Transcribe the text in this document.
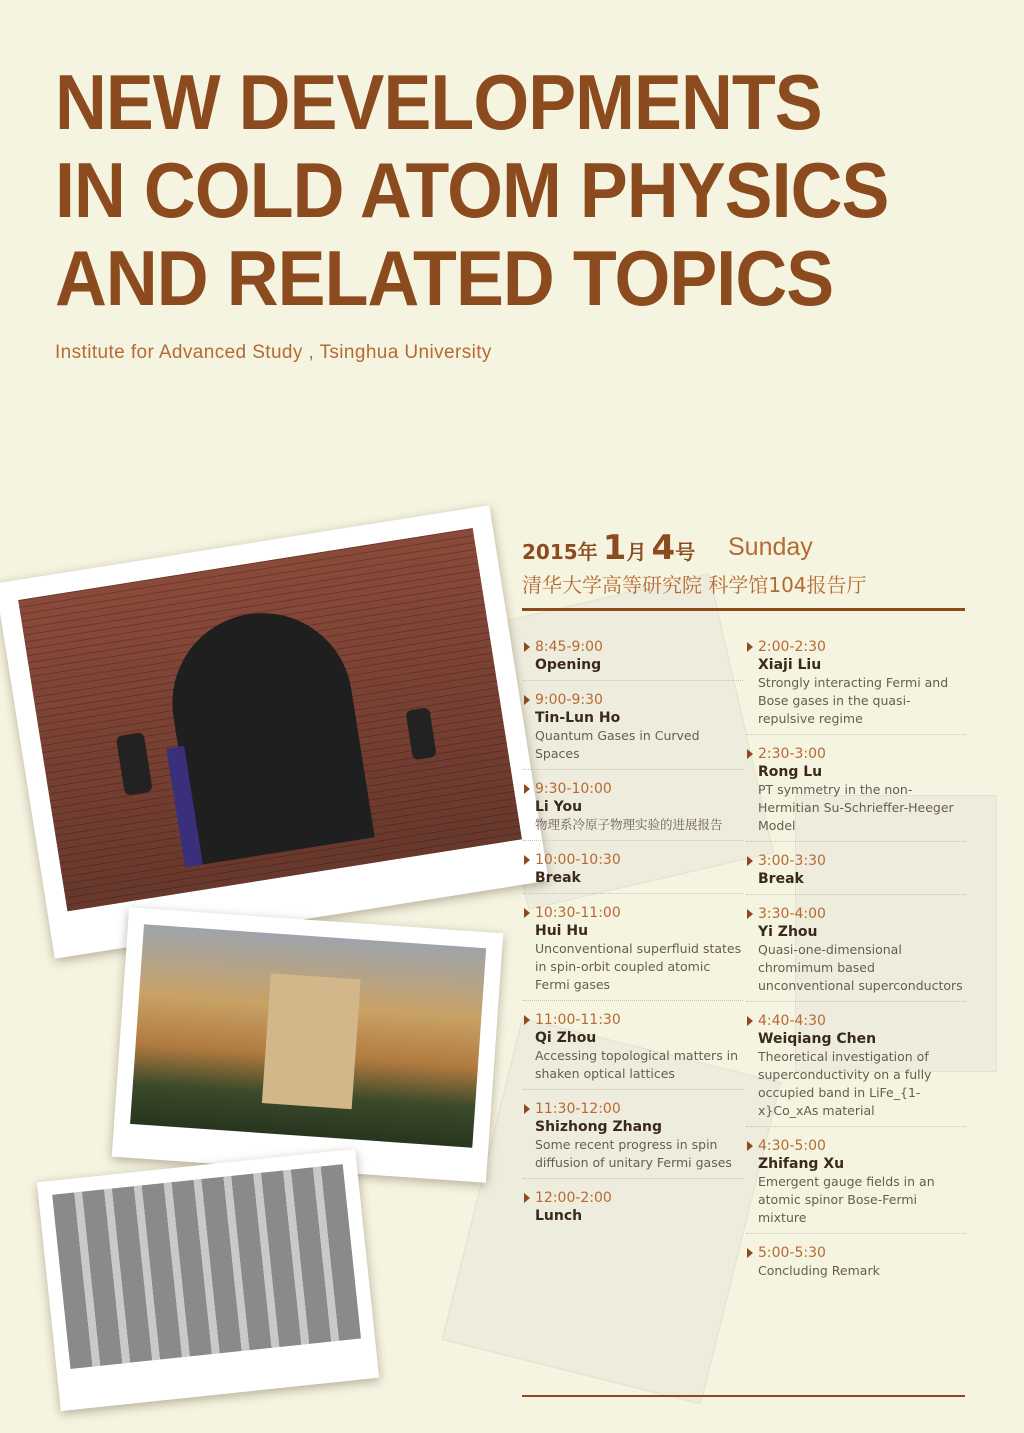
NEW DEVELOPMENTS
IN COLD ATOM PHYSICS
AND RELATED TOPICS
Institute for Advanced Study , Tsinghua University
2015年 1月 4号 Sunday
清华大学高等研究院 科学馆104报告厅
8:45-9:00
Opening
9:00-9:30
Tin-Lun Ho
Quantum Gases in Curved Spaces
9:30-10:00
Li You
物理系冷原子物理实验的进展报告
10:00-10:30
Break
10:30-11:00
Hui Hu
Unconventional superfluid states in spin-orbit coupled atomic Fermi gases
11:00-11:30
Qi Zhou
Accessing topological matters in shaken optical lattices
11:30-12:00
Shizhong Zhang
Some recent progress in spin diffusion of unitary Fermi gases
12:00-2:00
Lunch
2:00-2:30
Xiaji Liu
Strongly interacting Fermi and Bose gases in the quasi-repulsive regime
2:30-3:00
Rong Lu
PT symmetry in the non-Hermitian Su-Schrieffer-Heeger Model
3:00-3:30
Break
3:30-4:00
Yi Zhou
Quasi-one-dimensional chromimum based unconventional superconductors
4:40-4:30
Weiqiang Chen
Theoretical investigation of superconductivity on a fully occupied band in LiFe_{1-x}Co_xAs material
4:30-5:00
Zhifang Xu
Emergent gauge fields in an atomic spinor Bose-Fermi mixture
5:00-5:30
Concluding Remark
